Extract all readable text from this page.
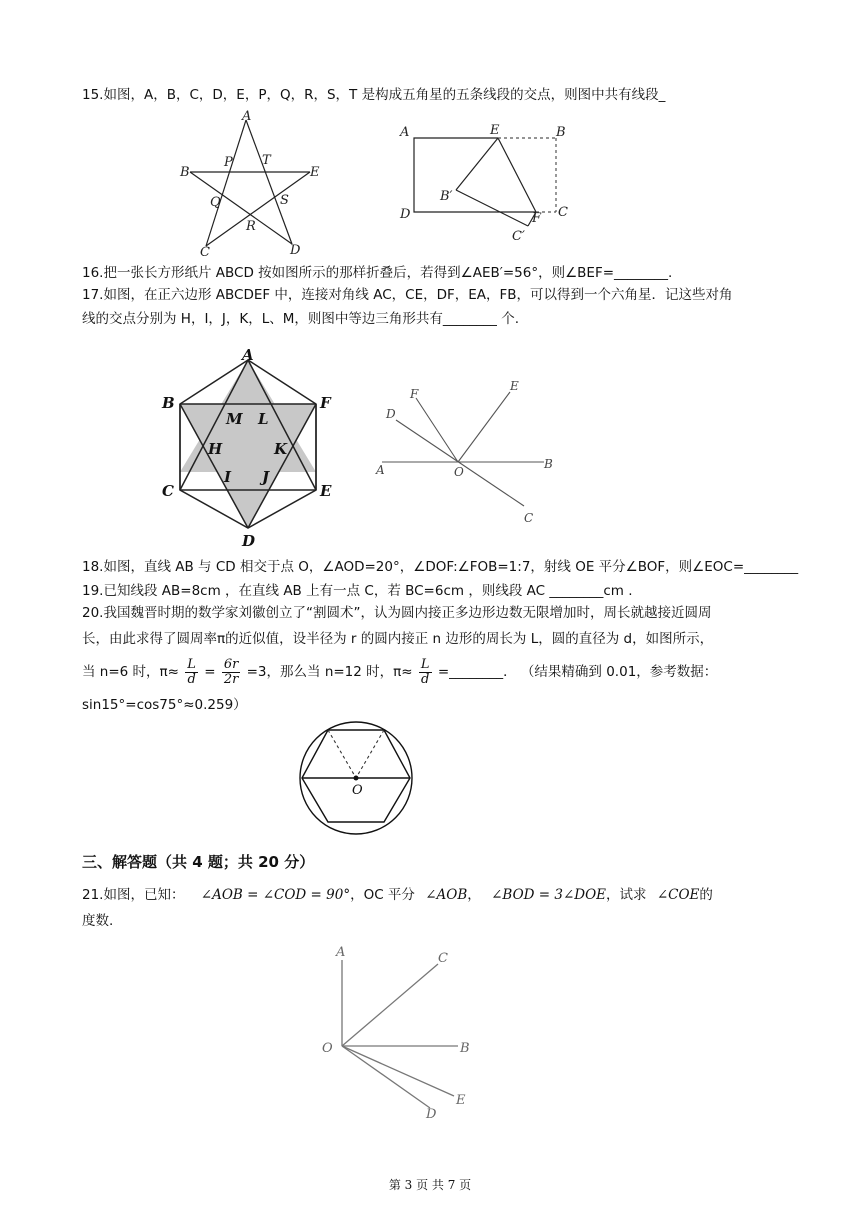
15.如图，A，B，C，D，E，P，Q，R，S，T 是构成五角星的五条线段的交点，则图中共有线段_
A
B
C	D
E
P
Q
R
S
T
A	E	B
B′
F C
D
C′
16.把一张长方形纸片 ABCD 按如图所示的那样折叠后，若得到∠AEB′=56°，则∠BEF=________.
17.如图，在正六边形 ABCDEF 中，连接对角线 AC，CE，DF，EA，FB，可以得到一个六角星．记这些对角
线的交点分别为 H，I，J，K，L、M，则图中等边三角形共有________ 个.
A
B	F
M L
H	K
I J
C	E
D
F
E
D
A	O
B
C
18.如图，直线 AB 与 CD 相交于点 O，∠AOD=20°，∠DOF:∠FOB=1:7，射线 OE 平分∠BOF，则∠EOC=________
19.已知线段 AB=8cm ，在直线 AB 上有一点 C，若 BC=6cm ，则线段 AC ________cm .
20.我国魏晋时期的数学家刘徽创立了“割圆术”，认为圆内接正多边形边数无限增加时，周长就越接近圆周
长，由此求得了圆周率π的近似值，设半径为 r 的圆内接正 n 边形的周长为 L，圆的直径为 d，如图所示，
当 n=6 时，$\pi\approx \frac{L}{d} = \frac{6r}{2r} =3$，那么当 n=12 时，$\pi\approx \frac{L}{d}$ =________． （结果精确到 0.01，参考数据：
sin15°=cos75°≈0.259）
O
三、解答题（共 4 题；共 20 分）
21.如图，已知： ∠AOB = ∠COD = 90°，OC 平分 ∠AOB， ∠BOD = 3∠DOE，试求 ∠COE的
度数.
A	C
O	B
E
D
第 3 页 共 7 页
